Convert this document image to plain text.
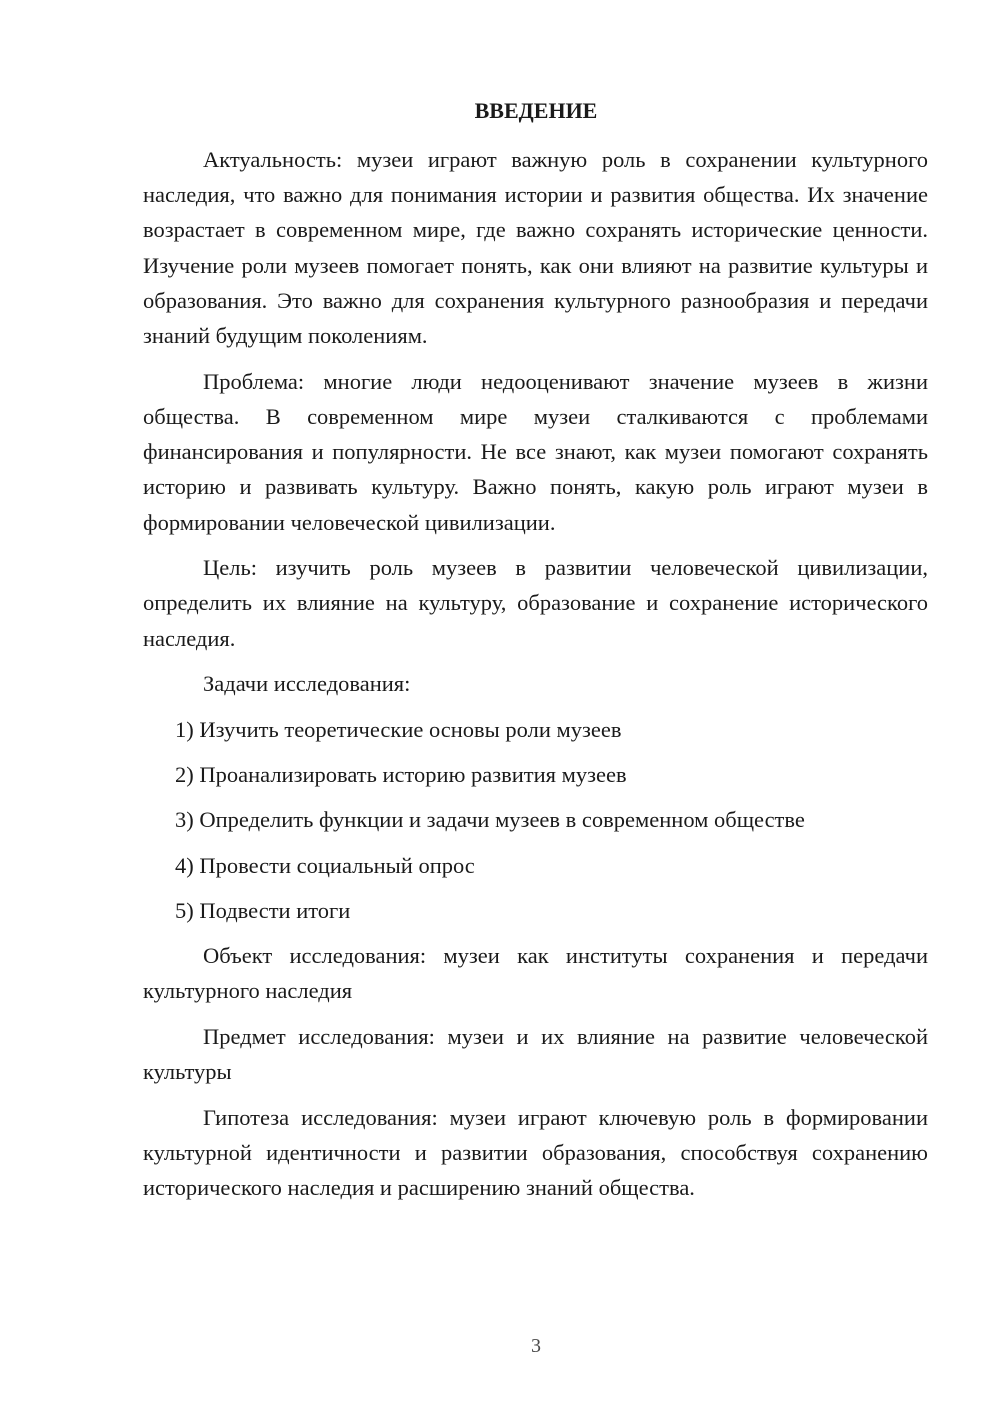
ВВЕДЕНИЕ

Актуальность: музеи играют важную роль в сохранении культурного наследия, что важно для понимания истории и развития общества. Их значение возрастает в современном мире, где важно сохранять исторические ценности. Изучение роли музеев помогает понять, как они влияют на развитие культуры и образования. Это важно для сохранения культурного разнообразия и передачи знаний будущим поколениям.

Проблема: многие люди недооценивают значение музеев в жизни общества. В современном мире музеи сталкиваются с проблемами финансирования и популярности. Не все знают, как музеи помогают сохранять историю и развивать культуру. Важно понять, какую роль играют музеи в формировании человеческой цивилизации.

Цель: изучить роль музеев в развитии человеческой цивилизации, определить их влияние на культуру, образование и сохранение исторического наследия.

Задачи исследования:

1) Изучить теоретические основы роли музеев
2) Проанализировать историю развития музеев
3) Определить функции и задачи музеев в современном обществе
4) Провести социальный опрос
5) Подвести итоги

Объект исследования: музеи как институты сохранения и передачи культурного наследия

Предмет исследования: музеи и их влияние на развитие человеческой культуры

Гипотеза исследования: музеи играют ключевую роль в формировании культурной идентичности и развитии образования, способствуя сохранению исторического наследия и расширению знаний общества.

3
